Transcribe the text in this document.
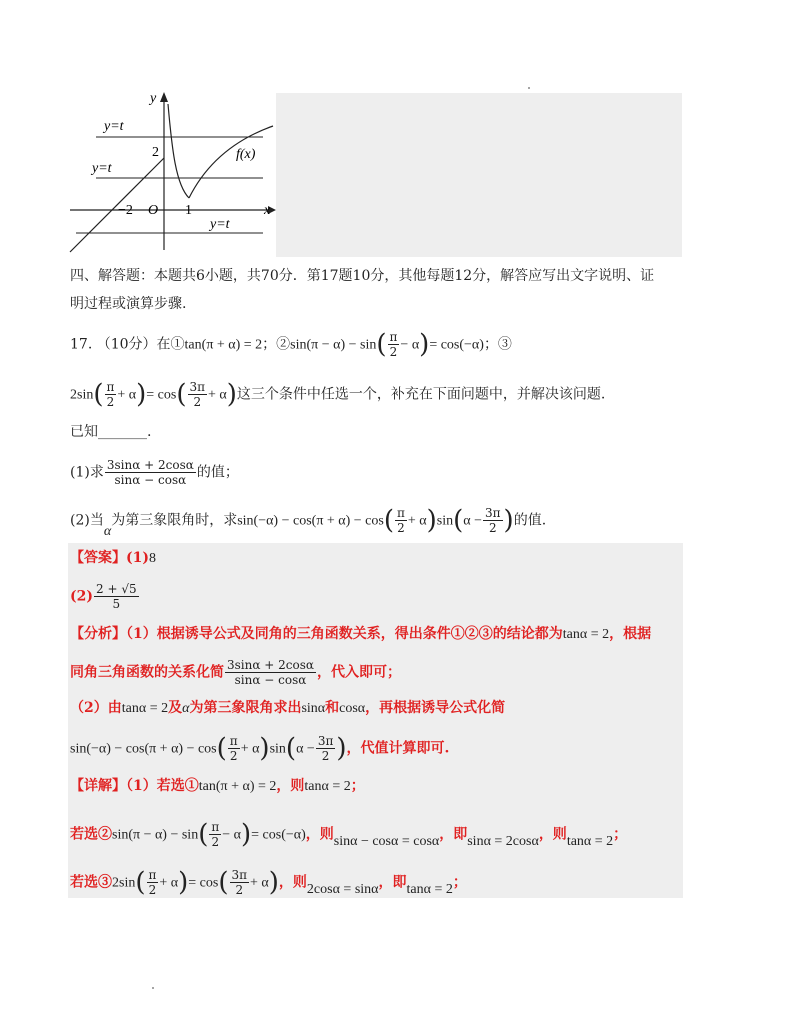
y
x
O
−2	1
2	f(x)
y=t
y=t
y=t
四、解答题：本题共6小题，共70分．第17题10分，其他每题12分，解答应写出文字说明、证
明过程或演算步骤.
17. （10分）在①tan(π + α) = 2；②sin(π − $\alpha) - \sin( \frac{\pi}{2} - \alpha)= \cos(-\alpha)$；③
$2\sin( \frac{\pi}{2} + \alpha)= \cos( \frac{3\pi}{2} + \alpha)$这三个条件中任选一个，补充在下面问题中，并解决该问题.
已知_______.
(1)求 $\frac{3\sin\alpha + 2\cos\alpha}{\sin\alpha - \cos\alpha}$ 的值；
(2)当α为第三象限角时，求$\sin(-\alpha) - \cos(\pi + \alpha) - \cos( \frac{\pi}{2} + \alpha)\sin(\alpha - \frac{3\pi}{2}$ )的值.
【答案】(1)8
$(2) \frac{2 + √5}{5}$
【分析】（1）根据诱导公式及同角的三角函数关系，得出条件①②③的结论都为tanα = 2，根据
同角三角函数的关系化简 $\frac{3\sin\alpha + 2\cos\alpha}{\sin\alpha - \cos\alpha}$ ，代入即可；
（2）由tanα = 2及α为第三象限角求出sinα和cosα，再根据诱导公式化简
$\sin(-\alpha) - \cos(\pi + \alpha) - \cos( \frac{\pi}{2} + \alpha)\sin(\alpha - \frac{3\pi}{2}$ )，代值计算即可.
【详解】（1）若选①tan(π + α) = 2，则tanα = 2；
若选②sin(π − $\alpha) - \sin( \frac{\pi}{2} - \alpha)= \cos(-\alpha)$，则sinα − cosα = cosα，即sinα = 2cosα，则tanα = 2；
若选③2sin( $\frac{\pi}{2} + \alpha)= \cos( \frac{3\pi}{2} + \alpha)$，则2cosα = sinα，即tanα = 2；
